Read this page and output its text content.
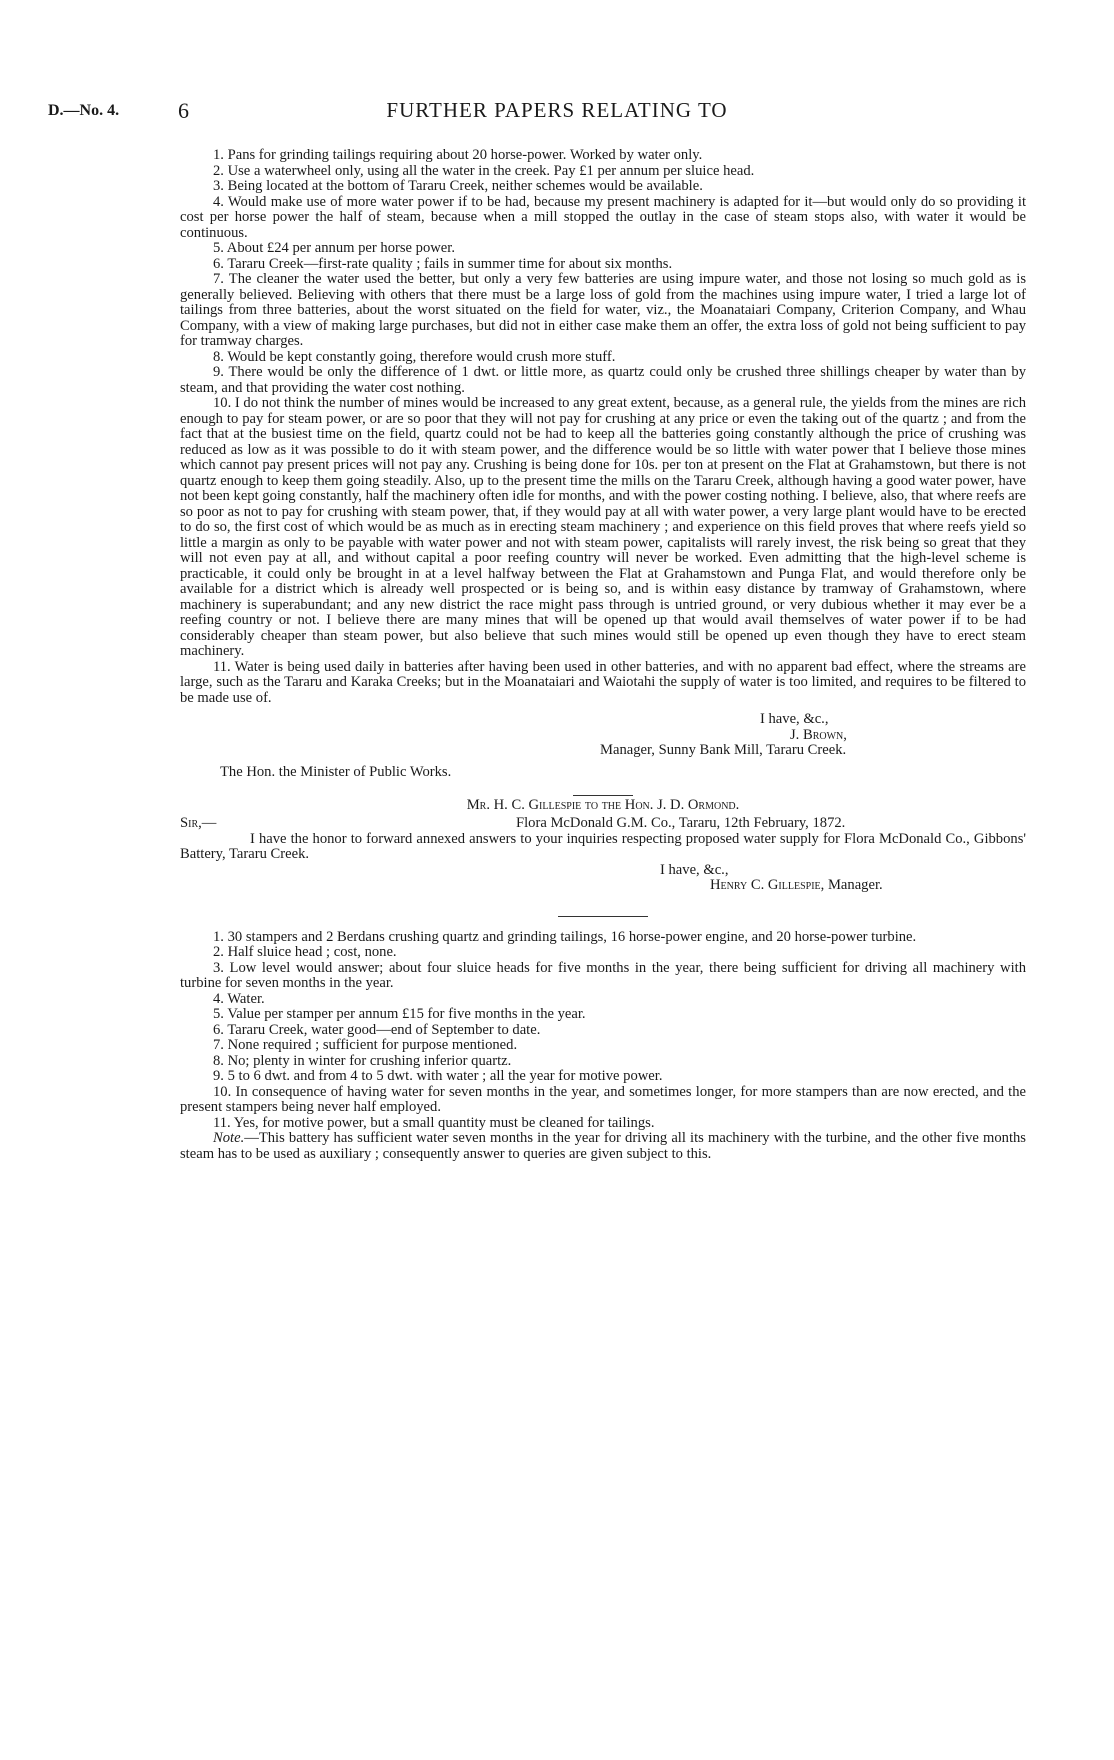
D.—No. 4.	6	FURTHER PAPERS RELATING TO

1. Pans for grinding tailings requiring about 20 horse-power. Worked by water only.

2. Use a waterwheel only, using all the water in the creek. Pay £1 per annum per sluice head.

3. Being located at the bottom of Tararu Creek, neither schemes would be available.

4. Would make use of more water power if to be had, because my present machinery is adapted for it—but would only do so providing it cost per horse power the half of steam, because when a mill stopped the outlay in the case of steam stops also, with water it would be continuous.

5. About £24 per annum per horse power.

6. Tararu Creek—first-rate quality ; fails in summer time for about six months.

7. The cleaner the water used the better, but only a very few batteries are using impure water, and those not losing so much gold as is generally believed. Believing with others that there must be a large loss of gold from the machines using impure water, I tried a large lot of tailings from three batteries, about the worst situated on the field for water, viz., the Moanataiari Company, Criterion Company, and Whau Company, with a view of making large purchases, but did not in either case make them an offer, the extra loss of gold not being sufficient to pay for tramway charges.

8. Would be kept constantly going, therefore would crush more stuff.

9. There would be only the difference of 1 dwt. or little more, as quartz could only be crushed three shillings cheaper by water than by steam, and that providing the water cost nothing.

10. I do not think the number of mines would be increased to any great extent, because, as a general rule, the yields from the mines are rich enough to pay for steam power, or are so poor that they will not pay for crushing at any price or even the taking out of the quartz ; and from the fact that at the busiest time on the field, quartz could not be had to keep all the batteries going constantly although the price of crushing was reduced as low as it was possible to do it with steam power, and the difference would be so little with water power that I believe those mines which cannot pay present prices will not pay any. Crushing is being done for 10s. per ton at present on the Flat at Grahamstown, but there is not quartz enough to keep them going steadily. Also, up to the present time the mills on the Tararu Creek, although having a good water power, have not been kept going constantly, half the machinery often idle for months, and with the power costing nothing. I believe, also, that where reefs are so poor as not to pay for crushing with steam power, that, if they would pay at all with water power, a very large plant would have to be erected to do so, the first cost of which would be as much as in erecting steam machinery ; and experience on this field proves that where reefs yield so little a margin as only to be payable with water power and not with steam power, capitalists will rarely invest, the risk being so great that they will not even pay at all, and without capital a poor reefing country will never be worked. Even admitting that the high-level scheme is practicable, it could only be brought in at a level halfway between the Flat at Grahamstown and Punga Flat, and would therefore only be available for a district which is already well prospected or is being so, and is within easy distance by tramway of Grahamstown, where machinery is superabundant; and any new district the race might pass through is untried ground, or very dubious whether it may ever be a reefing country or not. I believe there are many mines that will be opened up that would avail themselves of water power if to be had considerably cheaper than steam power, but also believe that such mines would still be opened up even though they have to erect steam machinery.

11. Water is being used daily in batteries after having been used in other batteries, and with no apparent bad effect, where the streams are large, such as the Tararu and Karaka Creeks; but in the Moanataiari and Waiotahi the supply of water is too limited, and requires to be filtered to be made use of.

I have, &c.,
J. Brown,
Manager, Sunny Bank Mill, Tararu Creek.
The Hon. the Minister of Public Works.
Mr. H. C. Gillespie to the Hon. J. D. Ormond.
Sir,—	Flora McDonald G.M. Co., Tararu, 12th February, 1872.

I have the honor to forward annexed answers to your inquiries respecting proposed water supply for Flora McDonald Co., Gibbons' Battery, Tararu Creek.

I have, &c.,
Henry C. Gillespie, Manager.

1. 30 stampers and 2 Berdans crushing quartz and grinding tailings, 16 horse-power engine, and 20 horse-power turbine.

2. Half sluice head ; cost, none.

3. Low level would answer; about four sluice heads for five months in the year, there being sufficient for driving all machinery with turbine for seven months in the year.

4. Water.

5. Value per stamper per annum £15 for five months in the year.

6. Tararu Creek, water good—end of September to date.

7. None required ; sufficient for purpose mentioned.

8. No; plenty in winter for crushing inferior quartz.

9. 5 to 6 dwt. and from 4 to 5 dwt. with water ; all the year for motive power.

10. In consequence of having water for seven months in the year, and sometimes longer, for more stampers than are now erected, and the present stampers being never half employed.

11. Yes, for motive power, but a small quantity must be cleaned for tailings.

Note.—This battery has sufficient water seven months in the year for driving all its machinery with the turbine, and the other five months steam has to be used as auxiliary ; consequently answer to queries are given subject to this.
